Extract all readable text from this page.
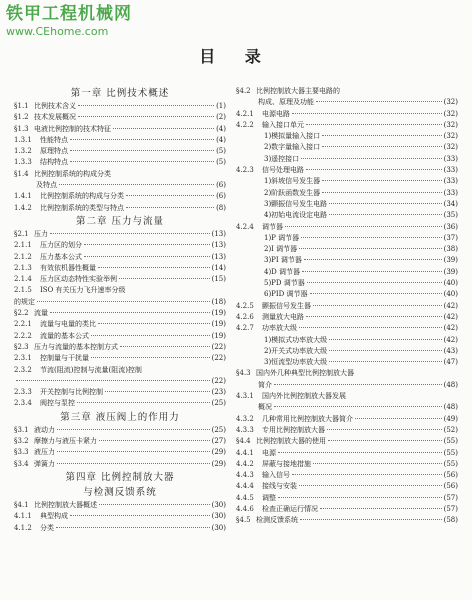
铁甲工程机械网
www.CEhome.com
目 录
第一章 比例技术概述
§1.1 比例技术含义	(1)
§1.2 技术发展概况	(2)
§1.3 电液比例控制的技术特征	(4)
1.3.1	性能特点	(4)
1.3.2	原理特点	(5)
1.3.3	结构特点	(5)
§1.4 比例控制系统的构成分类
及特点	(6)
1.4.1	比例控制系统的构成与分类	(6)
1.4.2	比例控制系统的类型与特点	(8)
第二章 压力与流量
§2.1 压力	(13)
2.1.1	压力区的划分	(13)
2.1.2	压力基本公式	(13)
2.1.3	有效依机器性概量	(14)
2.1.4	压力区动态特性实验举例	(15)
2.1.5	ISO 有关压力飞升速率分级
的规定	(18)
§2.2 流量	(19)
2.2.1	流量与电量的类比	(19)
2.2.2	流量的基本公式	(19)
§2.3 压力与流量的基本控制方式	(22)
2.3.1	控制量与干扰量	(22)
2.3.2	节流(阻流)控制与流量(阻流)控制
(22)
2.3.3	开关控制与比例控制	(23)
2.3.4	阀控与泵控	(25)
第三章 液压阀上的作用力
§3.1 液动力	(25)
§3.2 摩擦力与液压卡紧力	(27)
§3.3 液压力	(29)
§3.4 弹簧力	(29)
第四章 比例控制放大器
与检测反馈系统
§4.1 比例控制放大器概述	(30)
4.1.1	典型构成	(30)
4.1.2	分类	(30)
§4.2 比例控制放大器主要电路的
构成、原理及功能	(32)
4.2.1	电源电路	(32)
4.2.2	输入接口单元	(32)
1)模拟量输入接口	(32)
2)数字量输入接口	(32)
3)遥控接口	(33)
4.2.3	信号处理电路	(33)
1)斜坡信号发生器	(33)
2)阶跃函数发生器	(33)
3)颤振信号发生电路	(34)
4)初始电流设定电路	(35)
4.2.4	调节器	(36)
1)P 调节器	(37)
2)I 调节器	(38)
3)PI 调节器	(39)
4)D 调节器	(39)
5)PD 调节器	(40)
6)PID 调节器	(40)
4.2.5	颤振信号发生器	(42)
4.2.6	测量放大电路	(42)
4.2.7	功率放大级	(42)
1)模拟式功率放大级	(42)
2)开关式功率放大级	(43)
3)恒流型功率放大级	(47)
§4.3 国内外几种典型比例控制放大器
简介	(48)
4.3.1	国内外比例控制放大器发展
概况	(48)
4.3.2	几种常用比例控制放大器简介	(49)
4.3.3	专用比例控制放大器	(52)
§4.4 比例控制放大器的使用	(55)
4.4.1	电源	(55)
4.4.2	屏蔽与接地措施	(55)
4.4.3	输入信号	(56)
4.4.4	接线与安装	(56)
4.4.5	调整	(57)
4.4.6	检查正确运行情况	(57)
§4.5 检测反馈系统	(58)
